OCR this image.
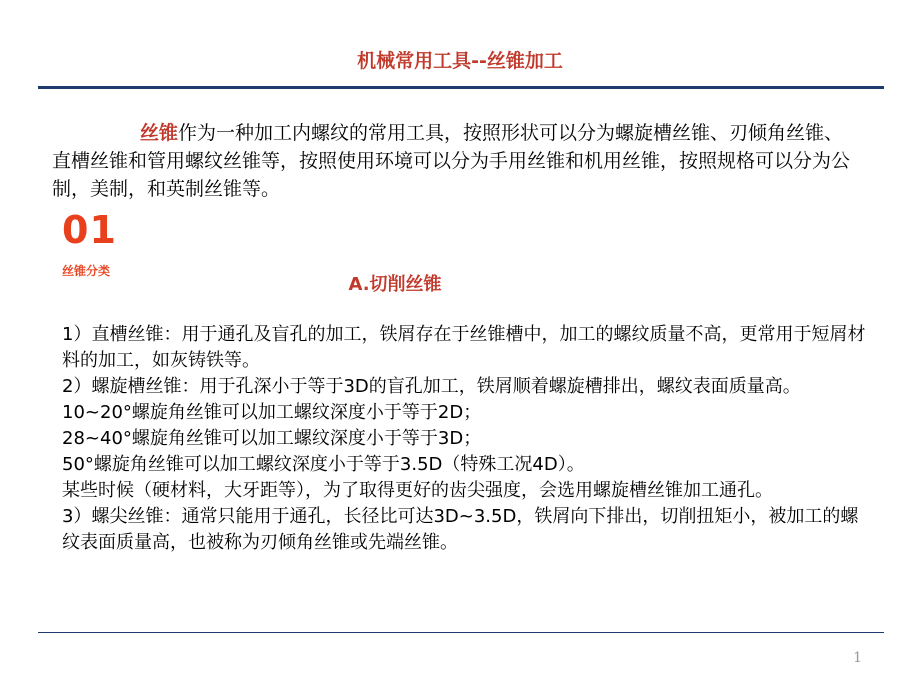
机械常用工具--丝锥加工
丝锥作为一种加工内螺纹的常用工具，按照形状可以分为螺旋槽丝锥、刃倾角丝锥、直槽丝锥和管用螺纹丝锥等，按照使用环境可以分为手用丝锥和机用丝锥，按照规格可以分为公制，美制，和英制丝锥等。
01
丝锥分类
A.切削丝锥

1）直槽丝锥：用于通孔及盲孔的加工，铁屑存在于丝锥槽中，加工的螺纹质量不高，更常用于短屑材料的加工，如灰铸铁等。

2）螺旋槽丝锥：用于孔深小于等于3D的盲孔加工，铁屑顺着螺旋槽排出，螺纹表面质量高。

10~20°螺旋角丝锥可以加工螺纹深度小于等于2D；

28~40°螺旋角丝锥可以加工螺纹深度小于等于3D；

50°螺旋角丝锥可以加工螺纹深度小于等于3.5D（特殊工况4D）。

某些时候（硬材料，大牙距等），为了取得更好的齿尖强度，会选用螺旋槽丝锥加工通孔。

3）螺尖丝锥：通常只能用于通孔，长径比可达3D~3.5D，铁屑向下排出，切削扭矩小，被加工的螺纹表面质量高，也被称为刃倾角丝锥或先端丝锥。

1
